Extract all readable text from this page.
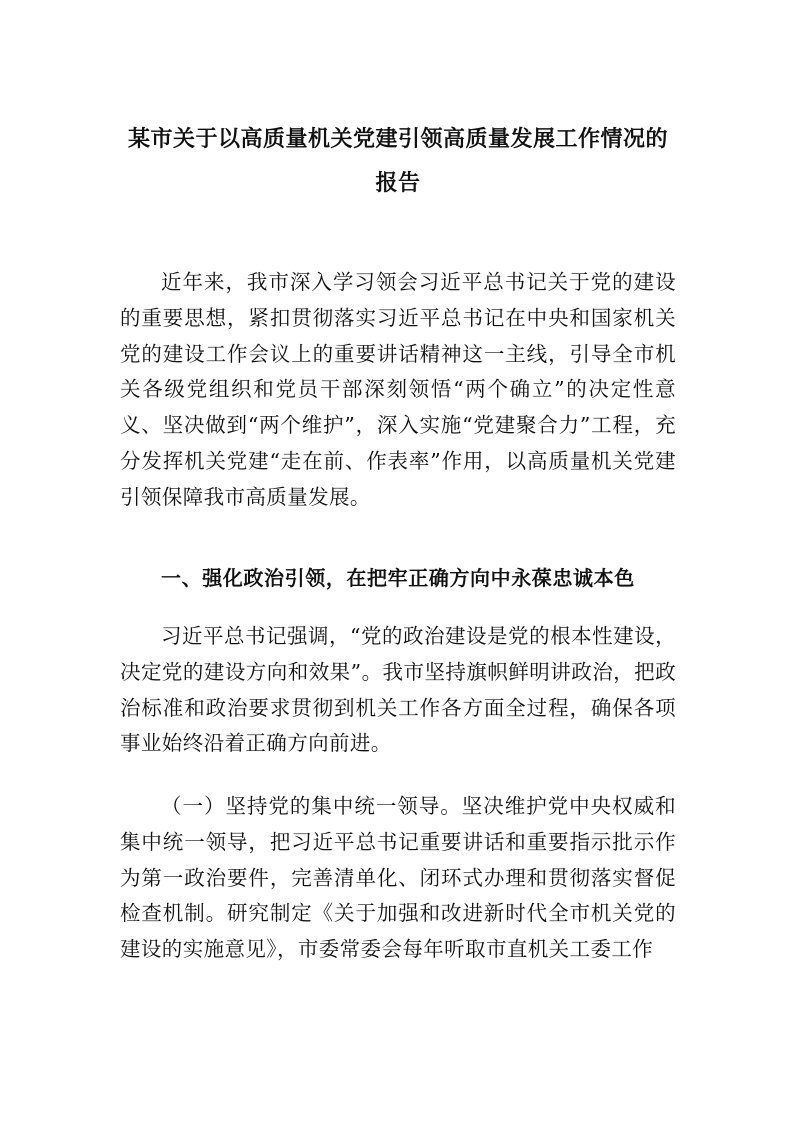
某市关于以高质量机关党建引领高质量发展工作情况的报告

近年来，我市深入学习领会习近平总书记关于党的建设的重要思想，紧扣贯彻落实习近平总书记在中央和国家机关党的建设工作会议上的重要讲话精神这一主线，引导全市机关各级党组织和党员干部深刻领悟“两个确立”的决定性意义、坚决做到“两个维护”，深入实施“党建聚合力”工程，充分发挥机关党建“走在前、作表率”作用，以高质量机关党建引领保障我市高质量发展。

一、强化政治引领，在把牢正确方向中永葆忠诚本色

习近平总书记强调，“党的政治建设是党的根本性建设，决定党的建设方向和效果”。我市坚持旗帜鲜明讲政治，把政治标准和政治要求贯彻到机关工作各方面全过程，确保各项事业始终沿着正确方向前进。

（一）坚持党的集中统一领导。坚决维护党中央权威和集中统一领导，把习近平总书记重要讲话和重要指示批示作为第一政治要件，完善清单化、闭环式办理和贯彻落实督促检查机制。研究制定《关于加强和改进新时代全市机关党的建设的实施意见》，市委常委会每年听取市直机关工委工作
